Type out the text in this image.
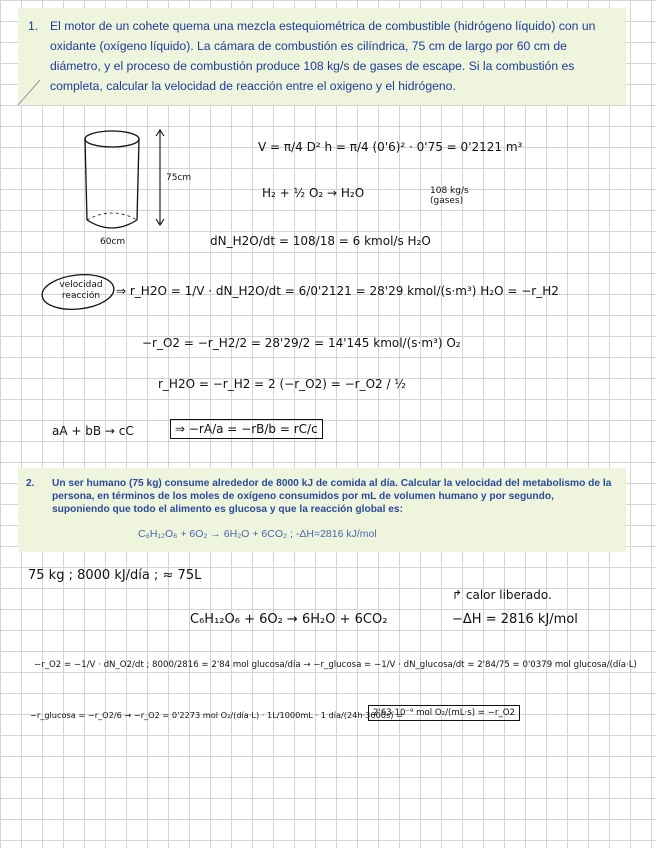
1. El motor de un cohete quema una mezcla estequiométrica de combustible (hidrógeno líquido) con un oxidante (oxígeno líquido). La cámara de combustión es cilíndrica, 75 cm de largo por 60 cm de diámetro, y el proceso de combustión produce 108 kg/s de gases de escape. Si la combustión es completa, calcular la velocidad de reacción entre el oxigeno y el hidrógeno.

75cm
60cm
V = π/4 D² h = π/4 (0'6)² · 0'75 = 0'2121 m³
H₂ + ½ O₂ → H₂O	108 kg/s (gases)
dN_H2O/dt = 108/18 = 6 kmol/s H₂O
velocidad reacción	⇒ r_H2O = 1/V · dN_H2O/dt = 6/0'2121 = 28'29 kmol/(s·m³) H₂O = −r_H2
−r_O2 = −r_H2/2 = 28'29/2 = 14'145 kmol/(s·m³) O₂
r_H2O = −r_H2 = 2 (−r_O2) = −r_O2 / ½
aA + bB → cC	⇒ −rA/a = −rB/b = rC/c

2. Un ser humano (75 kg) consume alrededor de 8000 kJ de comida al día. Calcular la velocidad del metabolismo de la persona, en términos de los moles de oxígeno consumidos por mL de volumen humano y por segundo, suponiendo que todo el alimento es glucosa y que la reacción global es:

C₆H₁₂O₆ + 6O₂ → 6H₂O + 6CO₂ ; -ΔH=2816 kJ/mol
75 kg ; 8000 kJ/día ; ≈ 75L
↱ calor liberado.
C₆H₁₂O₆ + 6O₂ → 6H₂O + 6CO₂	−ΔH = 2816 kJ/mol
−r_O2 = −1/V · dN_O2/dt ; 8000/2816 = 2'84 mol glucosa/día → −r_glucosa = −1/V · dN_glucosa/dt = 2'84/75 = 0'0379 mol glucosa/(día·L)
−r_glucosa = −r_O2/6 → −r_O2 = 0'2273 mol O₂/(día·L) · 1L/1000mL · 1 día/(24h·3600s) =
2'63·10⁻⁹ mol O₂/(mL·s) = −r_O2
